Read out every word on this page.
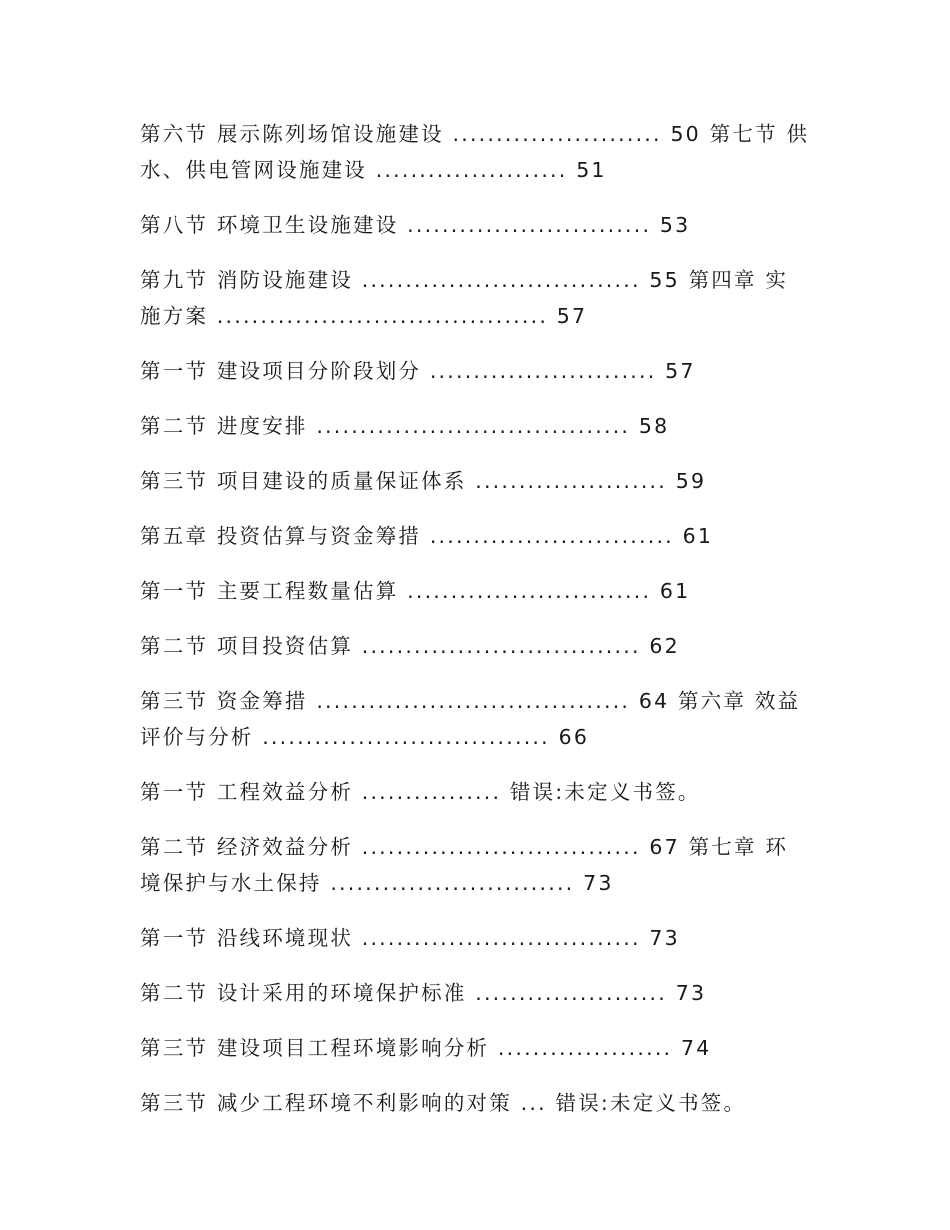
第六节 展示陈列场馆设施建设 ........................ 50 第七节 供水、供电管网设施建设 ...................... 51

第八节 环境卫生设施建设 ............................ 53

第九节 消防设施建设 ................................ 55 第四章 实施方案 ...................................... 57

第一节 建设项目分阶段划分 .......................... 57

第二节 进度安排 .................................... 58

第三节 项目建设的质量保证体系 ...................... 59

第五章 投资估算与资金筹措 ............................ 61

第一节 主要工程数量估算 ............................ 61

第二节 项目投资估算 ................................ 62

第三节 资金筹措 .................................... 64 第六章 效益评价与分析 ................................. 66

第一节 工程效益分析 ................ 错误:未定义书签。

第二节 经济效益分析 ................................ 67 第七章 环境保护与水土保持 ............................ 73

第一节 沿线环境现状 ................................ 73

第二节 设计采用的环境保护标准 ...................... 73

第三节 建设项目工程环境影响分析 .................... 74

第三节 减少工程环境不利影响的对策 ... 错误:未定义书签。
